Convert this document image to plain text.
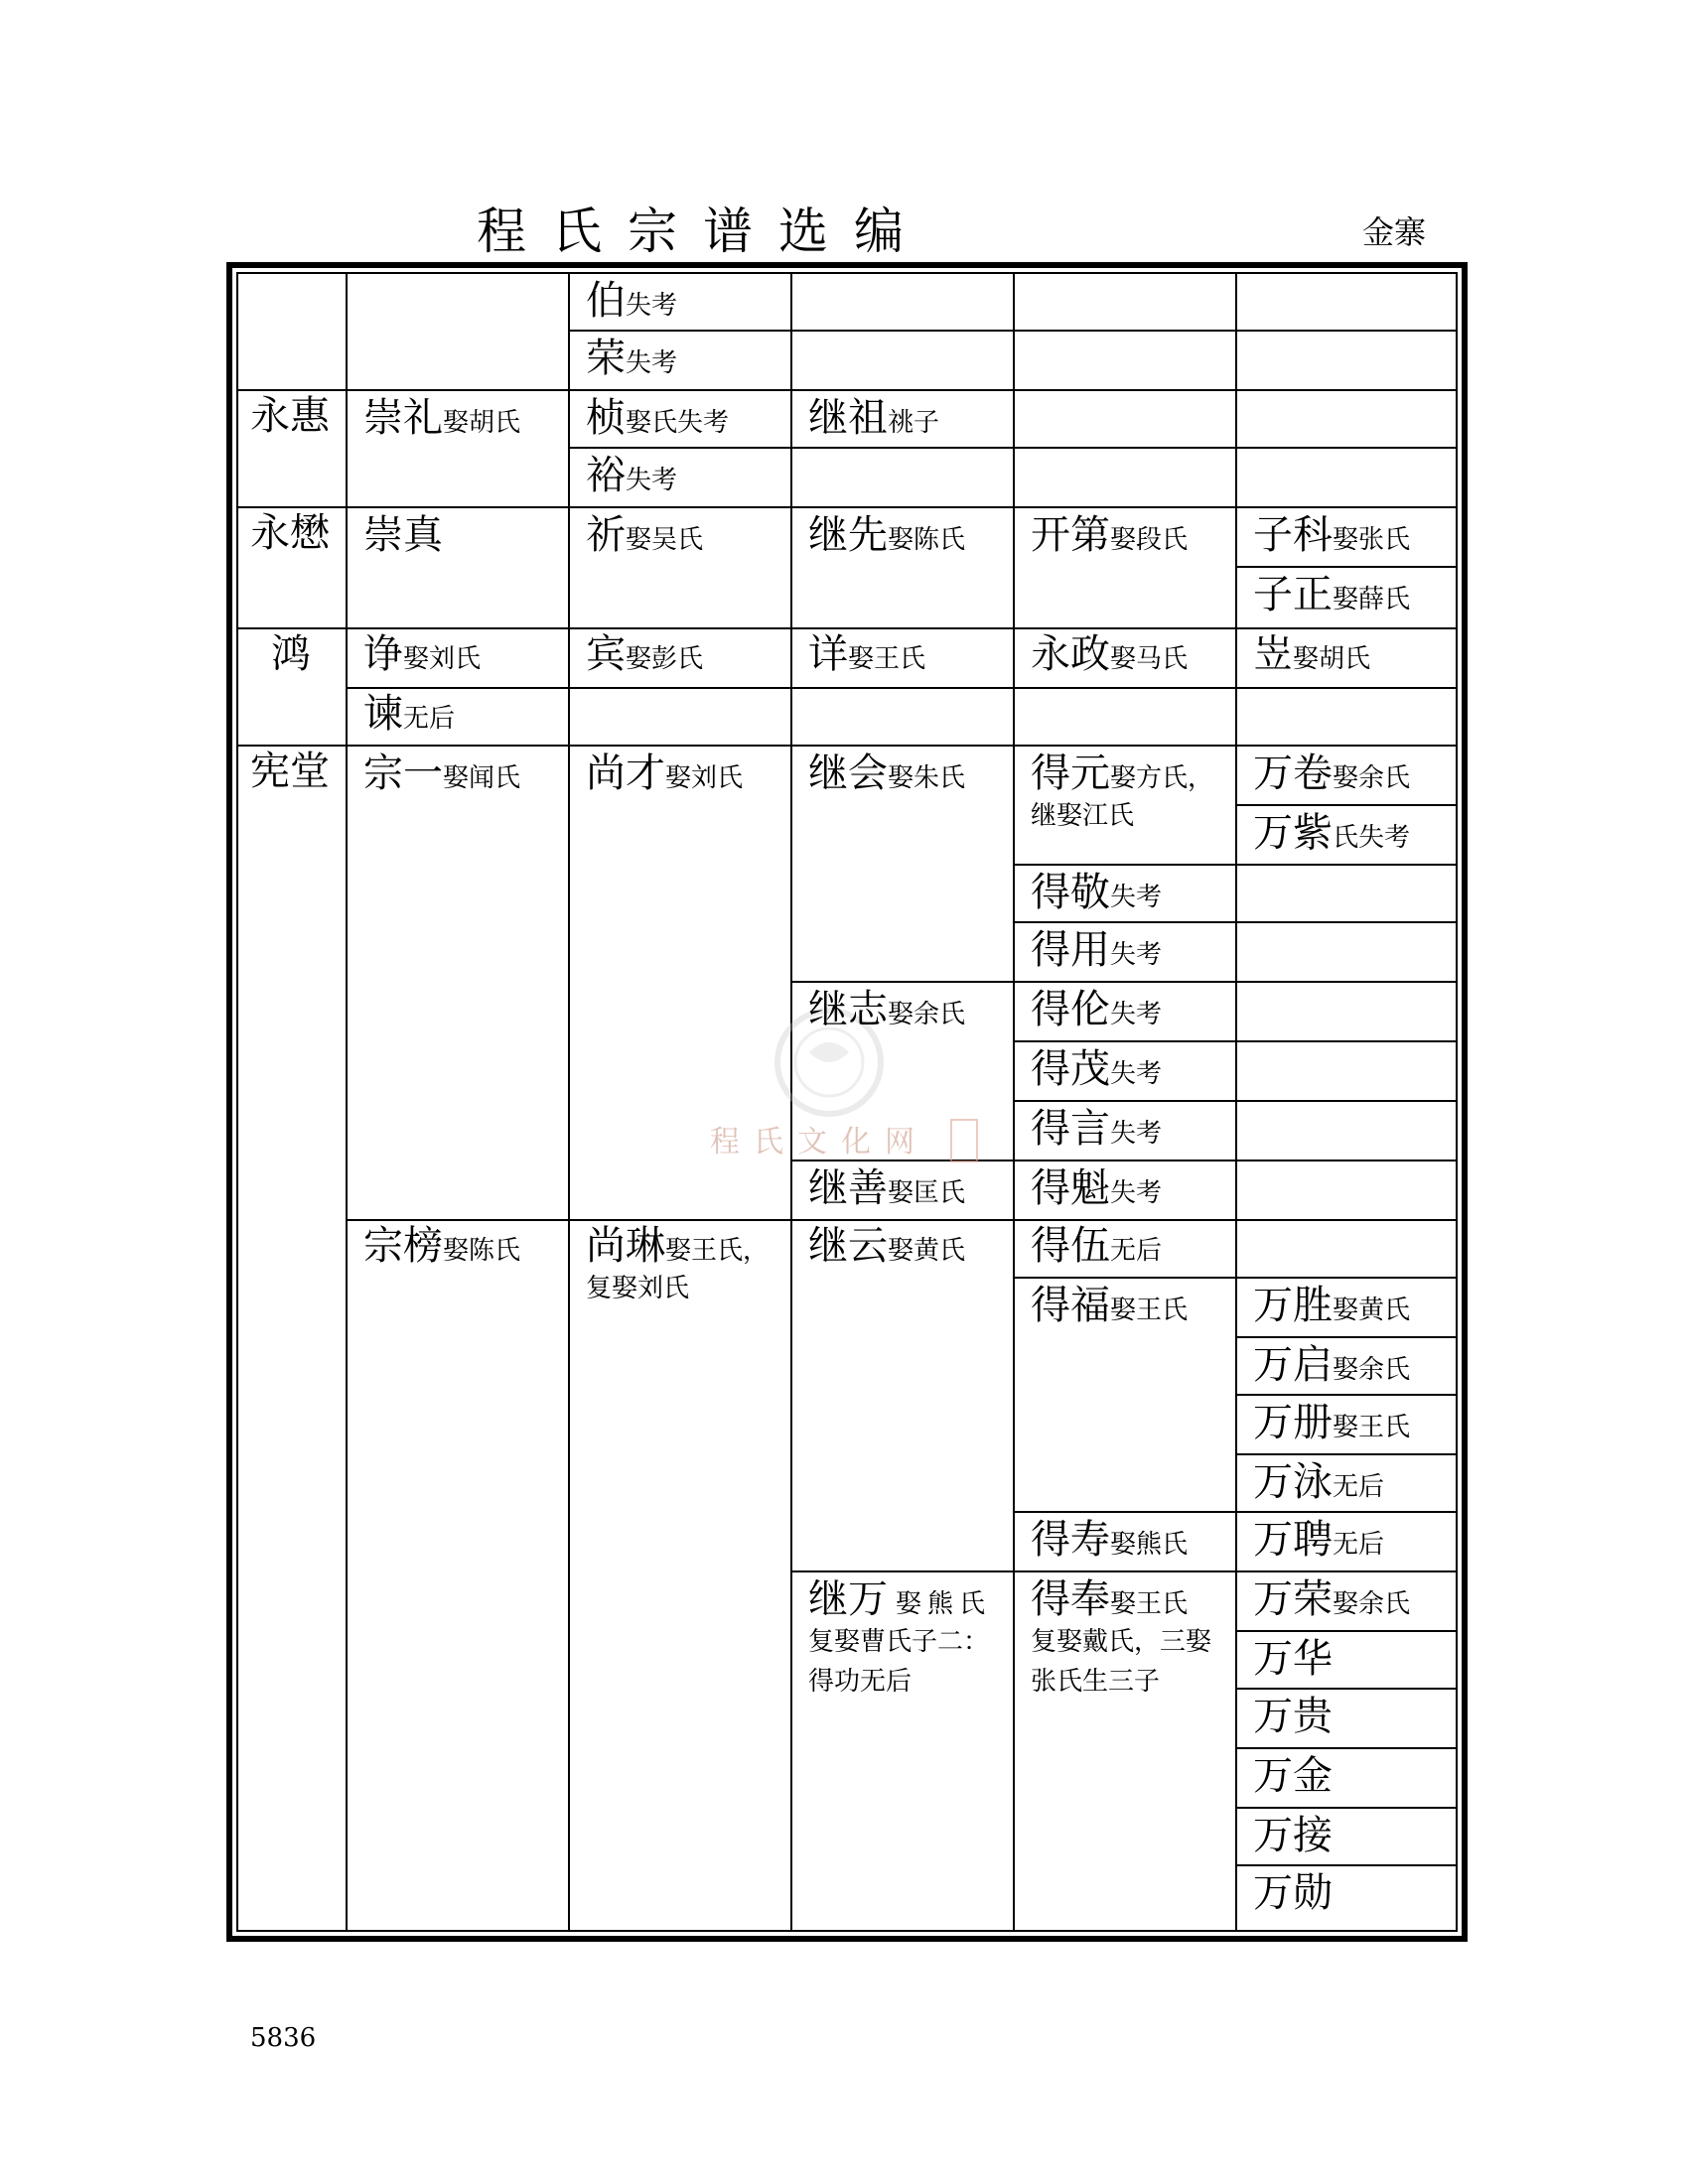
程氏宗谱选编	金寨
程氏文化网
永惠
永懋
鸿
宪堂
崇礼娶胡氏
崇真
诤娶刘氏
谏无后
宗一娶闻氏
宗榜娶陈氏
伯失考
荣失考
桢娶氏失考
裕失考
祈娶吴氏
宾娶彭氏
尚才娶刘氏
尚琳娶王氏，
复娶刘氏
继祖祧子
继先娶陈氏
详娶王氏
继会娶朱氏
继志娶余氏
继善娶匡氏
继云娶黄氏
继万 娶熊氏
复娶曹氏子二：
得功无后
开第娶段氏
永政娶马氏
得元娶方氏，
继娶江氏
得敬失考
得用失考
得伦失考
得茂失考
得言失考
得魁失考
得伍无后
得福娶王氏
得寿娶熊氏
得奉娶王氏
复娶戴氏，三娶
张氏生三子
子科娶张氏
子正娶薛氏
岦娶胡氏
万卷娶余氏
万紫氏失考
万胜娶黄氏
万启娶余氏
万册娶王氏
万泳无后
万聘无后
万荣娶余氏
万华
万贵
万金
万接
万勋
5836
